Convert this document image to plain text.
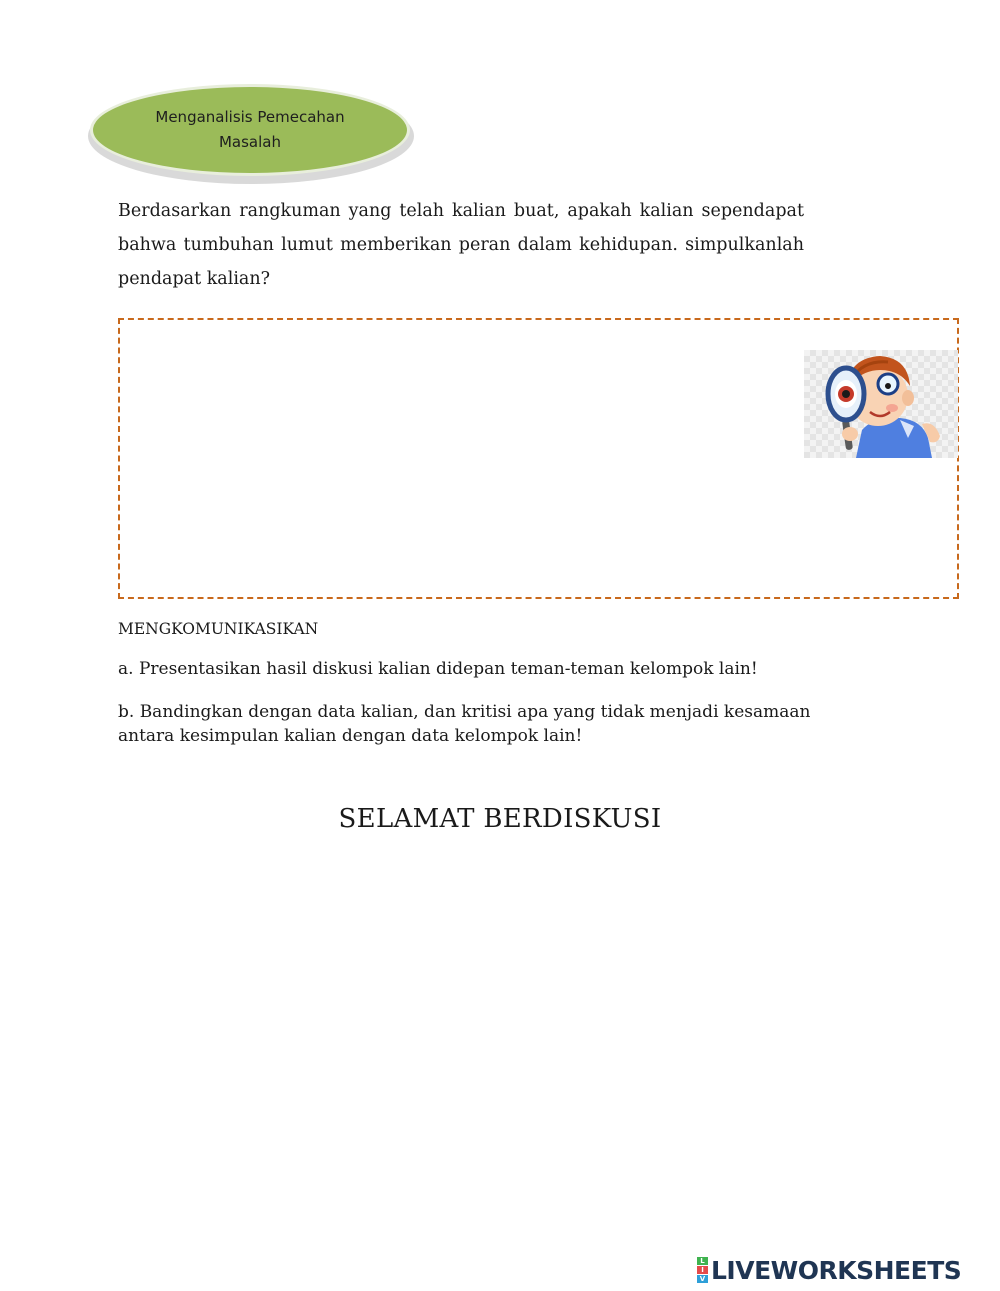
Menganalisis Pemecahan Masalah

Berdasarkan rangkuman yang telah kalian buat, apakah kalian sependapat bahwa tumbuhan lumut memberikan peran dalam kehidupan. simpulkanlah pendapat kalian?

MENGKOMUNIKASIKAN

a. Presentasikan hasil diskusi kalian didepan teman-teman kelompok lain!

b. Bandingkan dengan data kalian, dan kritisi apa yang tidak menjadi kesamaan antara kesimpulan kalian dengan data kelompok lain!

SELAMAT BERDISKUSI

L
I
V LIVEWORKSHEETS
